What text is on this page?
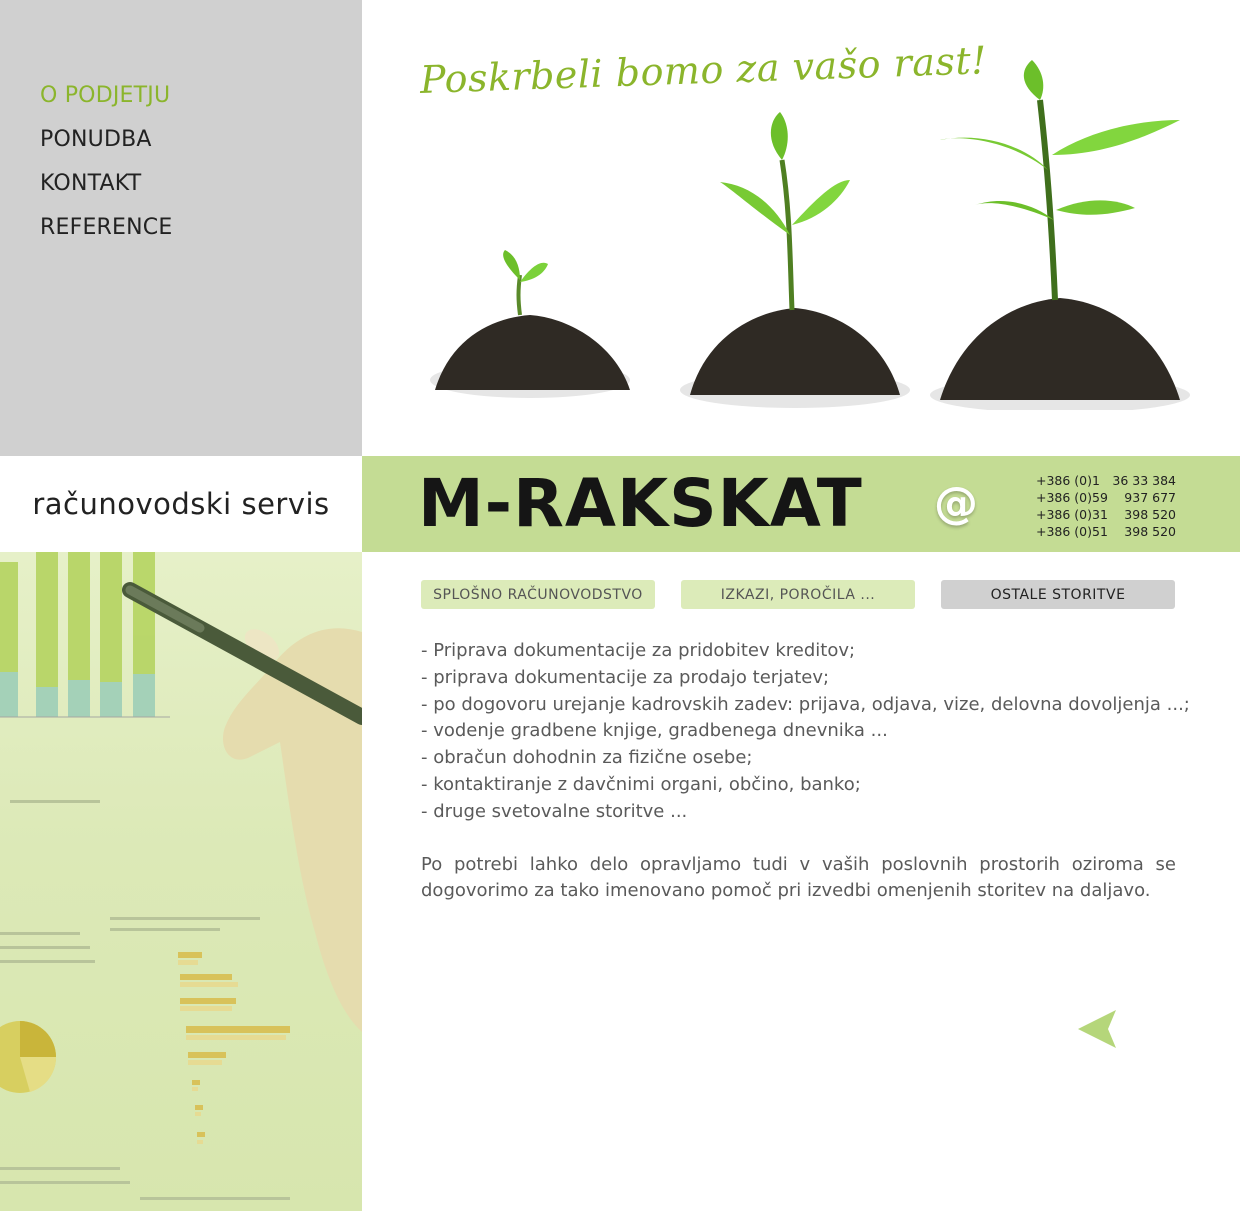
O PODJETJU
PONUDBA
KONTAKT
REFERENCE
računovodski servis
Poskrbeli bomo za vašo rast!
M-RAKSKAT @	+386 (0)1 36 33 384
+386 (0)59 937 677
+386 (0)31 398 520
+386 (0)51 398 520
SPLOŠNO RAČUNOVODSTVO	IZKAZI, POROČILA ...	OSTALE STORITVE
- Priprava dokumentacije za pridobitev kreditov;
- priprava dokumentacije za prodajo terjatev;
- po dogovoru urejanje kadrovskih zadev: prijava, odjava, vize, delovna dovoljenja ...;
- vodenje gradbene knjige, gradbenega dnevnika ...
- obračun dohodnin za fizične osebe;
- kontaktiranje z davčnimi organi, občino, banko;
- druge svetovalne storitve ...

Po potrebi lahko delo opravljamo tudi v vaših poslovnih prostorih oziroma se dogovorimo za tako imenovano pomoč pri izvedbi omenjenih storitev na daljavo.
